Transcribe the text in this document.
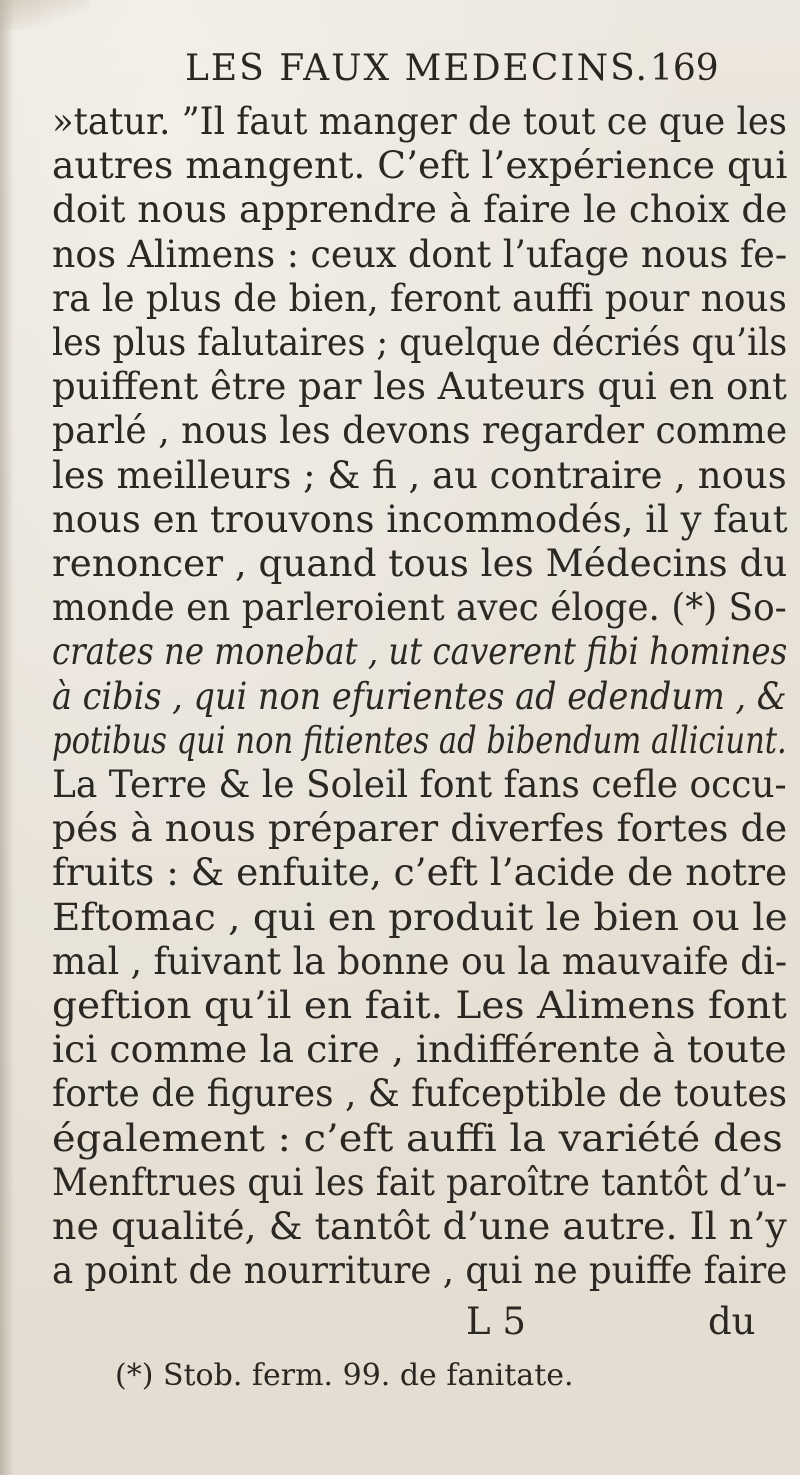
LES FAUX MEDECINS. 169
»tatur. ”Il faut manger de tout ce que les
autres mangent. C’eft l’expérience qui
doit nous apprendre à faire le choix de
nos Alimens : ceux dont l’ufage nous fe-
ra le plus de bien, feront auffi pour nous
les plus falutaires ; quelque décriés qu’ils
puiffent être par les Auteurs qui en ont
parlé , nous les devons regarder comme
les meilleurs ; & fi , au contraire , nous
nous en trouvons incommodés, il y faut
renoncer , quand tous les Médecins du
monde en parleroient avec éloge. (*) So-
crates ne monebat , ut caverent fibi homines
à cibis , qui non efurientes ad edendum , &
potibus qui non fitientes ad bibendum alliciunt.
La Terre & le Soleil font fans cefle occu-
pés à nous préparer diverfes fortes de
fruits : & enfuite, c’eft l’acide de notre
Eftomac , qui en produit le bien ou le
mal , fuivant la bonne ou la mauvaife di-
geftion qu’il en fait. Les Alimens font
ici comme la cire , indifférente à toute
forte de figures , & fufceptible de toutes
également : c’eft auffi la variété des
Menftrues qui les fait paroître tantôt d’u-
ne qualité, & tantôt d’une autre. Il n’y
a point de nourriture , qui ne puiffe faire
L 5	du
(*) Stob. ferm. 99. de fanitate.
